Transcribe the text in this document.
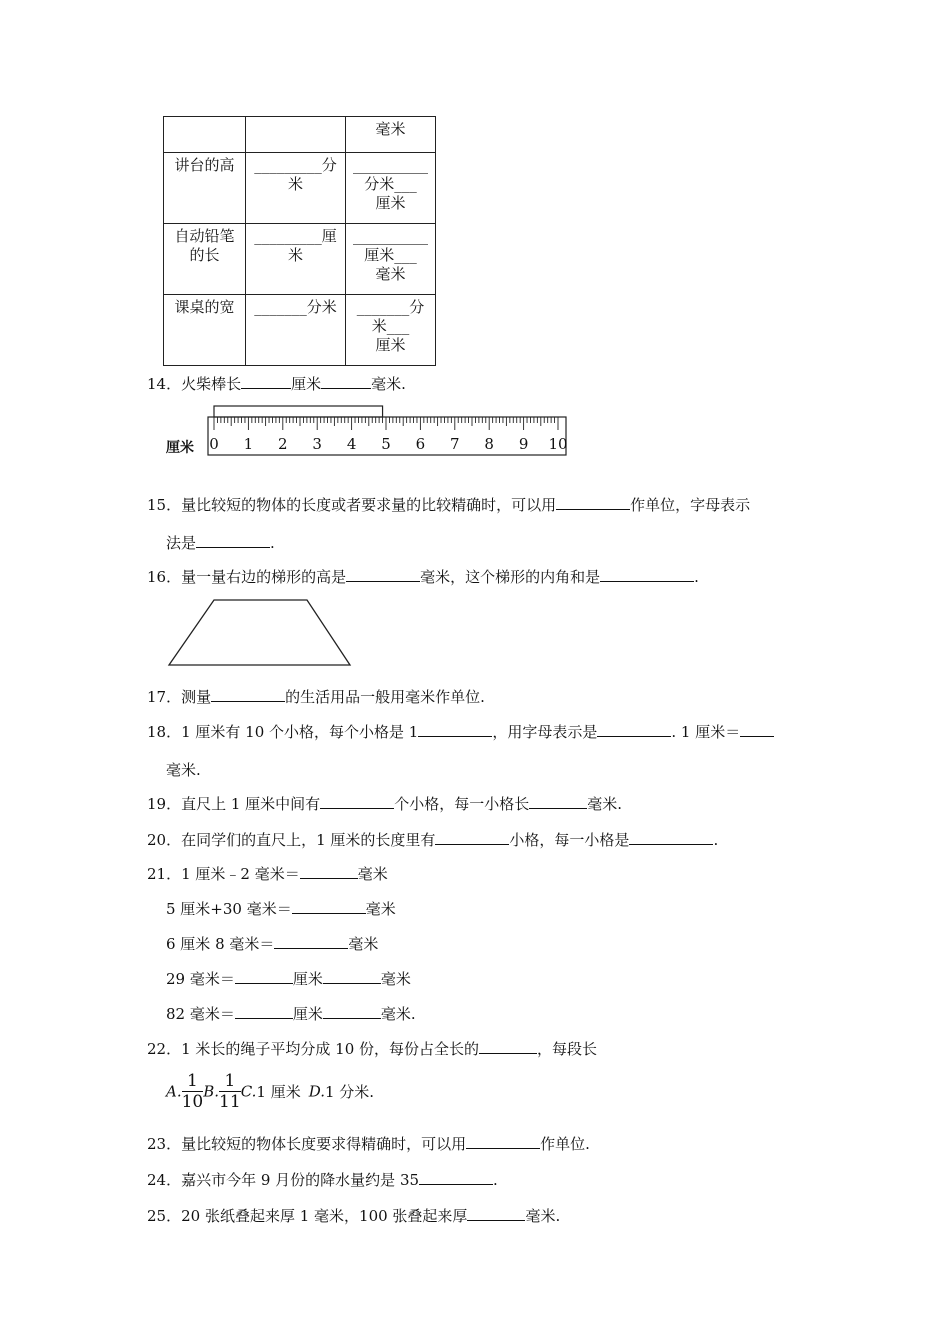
		毫米
讲台的高	_________分
米	__________
分米___
厘米

自动铅笔
的长	_________厘
米	__________
厘米___
毫米

课桌的宽	_______分米	_______分
米___
厘米
14．火柴棒长	厘米	毫米.
厘米 0 1 2 3 4 5 6 7 8 9 10
15．量比较短的物体的长度或者要求量的比较精确时，可以用	作单位，字母表示
法是	.
16．量一量右边的梯形的高是	毫米，这个梯形的内角和是	.
17．测量	的生活用品一般用毫米作单位.
18．1 厘米有 10 个小格，每个小格是 1	，用字母表示是	. 1 厘米＝
毫米.
19．直尺上 1 厘米中间有	个小格，每一小格长	毫米.
20．在同学们的直尺上，1 厘米的长度里有	小格，每一小格是	.
21．1 厘米﹣2 毫米＝	毫米
5 厘米+30 毫米＝	毫米
6 厘米 8 毫米＝	毫米
29 毫米＝	厘米	毫米
82 毫米＝	厘米	毫米.
22．1 米长的绳子平均分成 10 份，每份占全长的	，每段长
A. $\frac{1}{10} B$. $\frac{1}{11} C.1$ 厘米 D.1 分米.
23．量比较短的物体长度要求得精确时，可以用	作单位.
24．嘉兴市今年 9 月份的降水量约是 35	.
25．20 张纸叠起来厚 1 毫米，100 张叠起来厚	毫米.
